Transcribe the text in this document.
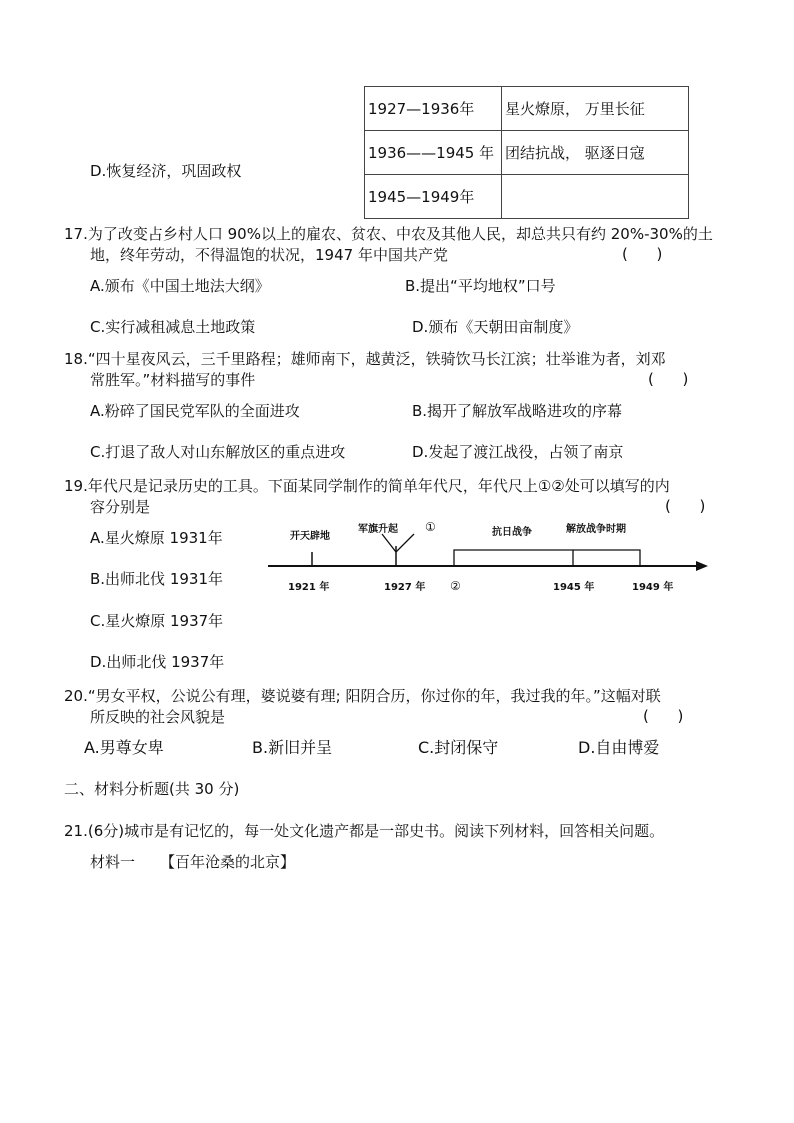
D.恢复经济，巩固政权
1927—1936年	星火燎原， 万里长征
1936——1945 年	团结抗战， 驱逐日寇
1945—1949年	
17.为了改变占乡村人口 90%以上的雇农、贫农、中农及其他人民，却总共只有约 20%-30%的土
地，终年劳动，不得温饱的状况，1947 年中国共产党	(      )
A.颁布《中国土地法大纲》	B.提出“平均地权”口号
C.实行减租减息土地政策	D.颁布《天朝田亩制度》
18.“四十星夜风云，三千里路程；雄师南下，越黄泛，铁骑饮马长江滨；壮举谁为者，刘邓
常胜军。”材料描写的事件	(      )
A.粉碎了国民党军队的全面进攻	B.揭开了解放军战略进攻的序幕
C.打退了敌人对山东解放区的重点进攻	D.发起了渡江战役，占领了南京
19.年代尺是记录历史的工具。下面某同学制作的简单年代尺，年代尺上①②处可以填写的内
容分别是	(      )
A.星火燎原 1931年
B.出师北伐 1931年
C.星火燎原 1937年
D.出师北伐 1937年
开天辟地
军旗升起 ①	抗日战争	解放战争时期
1921 年	1927 年 ②	1945 年	1949 年
20.“男女平权，公说公有理，婆说婆有理; 阳阴合历，你过你的年，我过我的年。”这幅对联
所反映的社会风貌是	(      )
A.男尊女卑	B.新旧并呈	C.封闭保守	D.自由博爱
二、材料分析题(共 30 分)
21.(6分)城市是有记忆的，每一处文化遗产都是一部史书。阅读下列材料，回答相关问题。
材料一 【百年沧桑的北京】
